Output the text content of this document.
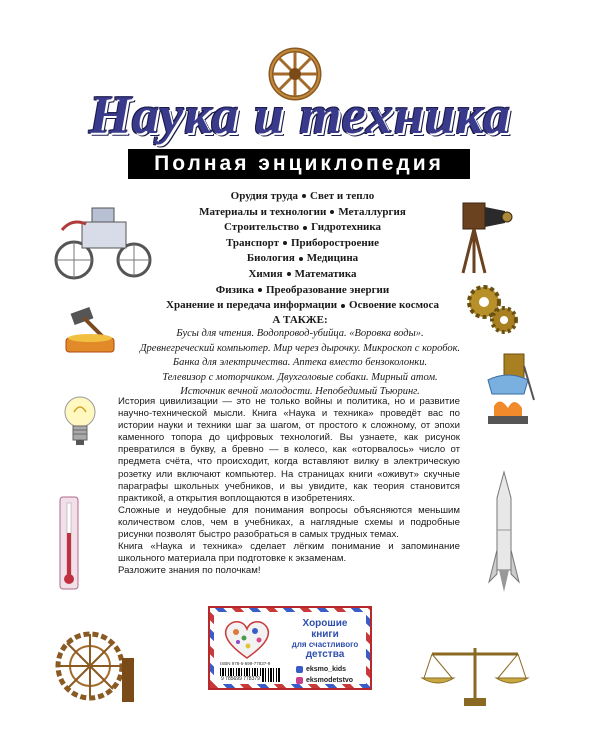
Наука и техника
Полная энциклопедия
Орудия труда Свет и тепло
Материалы и технологии Металлургия
Строительство Гидротехника
Транспорт Приборостроение
Биология Медицина
Химия Математика
Физика Преобразование энергии
Хранение и передача информации Освоение космоса
А ТАКЖЕ:
Бусы для чтения. Водопровод-убийца. «Воровка воды».
Древнегреческий компьютер. Мир через дырочку. Микроскоп с коробок.
Банка для электричества. Аптека вместо бензоколонки.
Телевизор с моторчиком. Двухголовые собаки. Мирный атом.
Источник вечной молодости. Непобедимый Тьюринг.

История цивилизации — это не только войны и политика, но и развитие научно-технической мысли. Книга «Наука и техника» проведёт вас по истории науки и техники шаг за шагом, от простого к сложному, от эпохи каменного топора до цифровых технологий. Вы узнаете, как рисунок превратился в букву, а бревно — в колесо, как «оторвалось» число от предмета счёта, что происходит, когда вставляют вилку в электрическую розетку или включают компьютер. На страницах книги «оживут» скучные параграфы школьных учебников, и вы увидите, как теория становится практикой, а открытия воплощаются в изобретениях.

Сложные и неудобные для понимания вопросы объясняются меньшим количеством слов, чем в учебниках, а наглядные схемы и подробные рисунки позволят быстро разобраться в самых трудных темах.

Книга «Наука и техника» сделает лёгким понимание и запоминание школьного материала при подготовке к экзаменам.

Разложите знания по полочкам!

ISBN 978-5-699-77837-9
9 785699 778379
Хорошие
книги
для счастливого
детства
eksmo_kids
eksmodetstvo
